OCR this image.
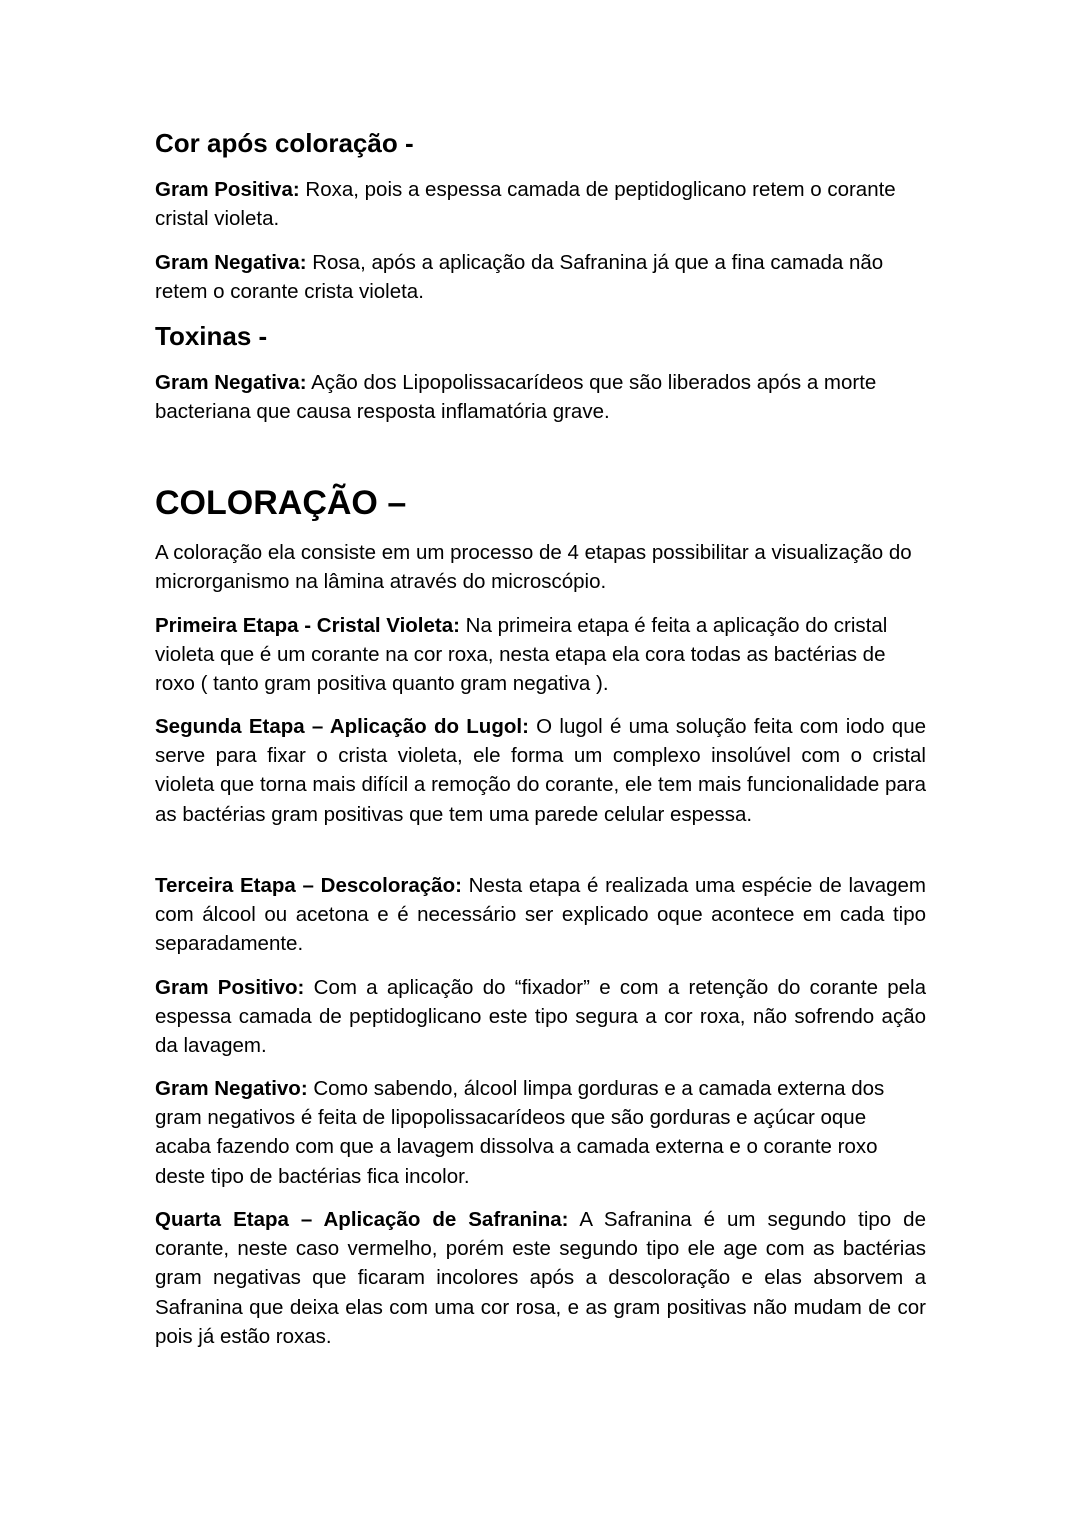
Cor após coloração -

Gram Positiva: Roxa, pois a espessa camada de peptidoglicano retem o corante cristal violeta.

Gram Negativa: Rosa, após a aplicação da Safranina já que a fina camada não retem o corante crista violeta.

Toxinas -

Gram Negativa: Ação dos Lipopolissacarídeos que são liberados após a morte bacteriana que causa resposta inflamatória grave.

COLORAÇÃO –

A coloração ela consiste em um processo de 4 etapas possibilitar a visualização do microrganismo na lâmina através do microscópio.

Primeira Etapa - Cristal Violeta: Na primeira etapa é feita a aplicação do cristal violeta que é um corante na cor roxa, nesta etapa ela cora todas as bactérias de roxo ( tanto gram positiva quanto gram negativa ).

Segunda Etapa – Aplicação do Lugol: O lugol é uma solução feita com iodo que serve para fixar o crista violeta, ele forma um complexo insolúvel com o cristal violeta que torna mais difícil a remoção do corante, ele tem mais funcionalidade para as bactérias gram positivas que tem uma parede celular espessa.

Terceira Etapa – Descoloração: Nesta etapa é realizada uma espécie de lavagem com álcool ou acetona e é necessário ser explicado oque acontece em cada tipo separadamente.

Gram Positivo: Com a aplicação do “fixador” e com a retenção do corante pela espessa camada de peptidoglicano este tipo segura a cor roxa, não sofrendo ação da lavagem.

Gram Negativo: Como sabendo, álcool limpa gorduras e a camada externa dos gram negativos é feita de lipopolissacarídeos que são gorduras e açúcar oque acaba fazendo com que a lavagem dissolva a camada externa e o corante roxo deste tipo de bactérias fica incolor.

Quarta Etapa – Aplicação de Safranina: A Safranina é um segundo tipo de corante, neste caso vermelho, porém este segundo tipo ele age com as bactérias gram negativas que ficaram incolores após a descoloração e elas absorvem a Safranina que deixa elas com uma cor rosa, e as gram positivas não mudam de cor pois já estão roxas.
